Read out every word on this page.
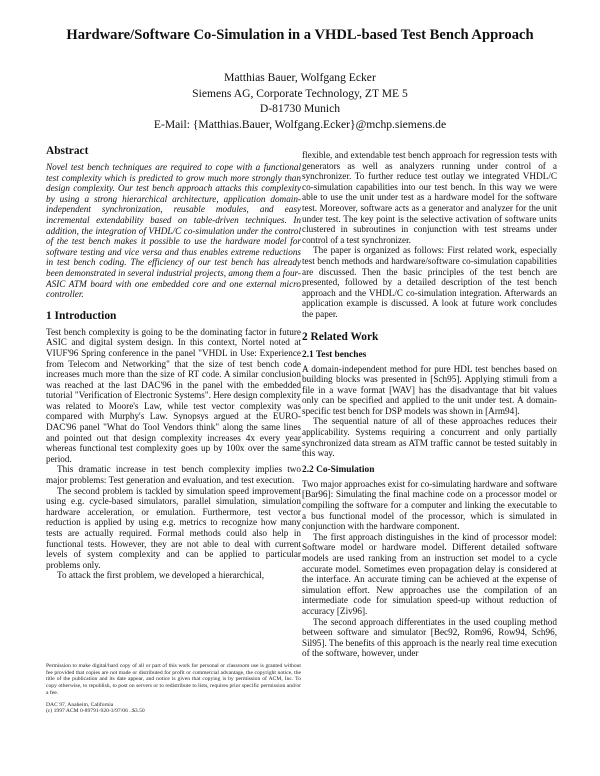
Hardware/Software Co-Simulation in a VHDL-based Test Bench Approach
Matthias Bauer, Wolfgang Ecker
Siemens AG, Corporate Technology, ZT ME 5
D-81730 Munich
E-Mail: {Matthias.Bauer, Wolfgang.Ecker}@mchp.siemens.de
Abstract

Novel test bench techniques are required to cope with a functional test complexity which is predicted to grow much more strongly than design complexity. Our test bench approach attacks this complexity by using a strong hierarchical architecture, application domain-independent synchronization, reusable modules, and easy incremental extendability based on table-driven techniques. In addition, the integration of VHDL/C co-simulation under the control of the test bench makes it possible to use the hardware model for software testing and vice versa and thus enables extreme reductions in test bench coding. The efficiency of our test bench has already been demonstrated in several industrial projects, among them a four-ASIC ATM board with one embedded core and one external micro controller.

1 Introduction

Test bench complexity is going to be the dominating factor in future ASIC and digital system design. In this context, Nortel noted at VIUF'96 Spring conference in the panel "VHDL in Use: Experience from Telecom and Networking" that the size of test bench code increases much more than the size of RT code. A similar conclusion was reached at the last DAC'96 in the panel with the embedded tutorial "Verification of Electronic Systems". Here design complexity was related to Moore's Law, while test vector complexity was compared with Murphy's Law. Synopsys argued at the EURO-DAC'96 panel "What do Tool Vendors think" along the same lines and pointed out that design complexity increases 4x every year whereas functional test complexity goes up by 100x over the same period.

This dramatic increase in test bench complexity implies two major problems: Test generation and evaluation, and test execution.

The second problem is tackled by simulation speed improvement using e.g. cycle-based simulators, parallel simulation, simulation hardware acceleration, or emulation. Furthermore, test vector reduction is applied by using e.g. metrics to recognize how many tests are actually required. Formal methods could also help in functional tests. However, they are not able to deal with current levels of system complexity and can be applied to particular problems only.

To attack the first problem, we developed a hierarchical,

Permission to make digital/hard copy of all or part of this work for personal or classroom use is granted without fee provided that copies are not made or distributed for profit or commercial advantage, the copyright notice, the title of the publication and its date appear, and notice is given that copying is by permission of ACM, Inc. To copy otherwise, to republish, to post on servers or to redistribute to lists, requires prior specific permission and/or a fee.

DAC 97, Anaheim, California

(c) 1997 ACM 0-89791-920-3/97/06 ..$3.50

flexible, and extendable test bench approach for regression tests with generators as well as analyzers running under control of a synchronizer. To further reduce test outlay we integrated VHDL/C co-simulation capabilities into our test bench. In this way we were able to use the unit under test as a hardware model for the software test. Moreover, software acts as a generator and analyzer for the unit under test. The key point is the selective activation of software units clustered in subroutines in conjunction with test streams under control of a test synchronizer.

The paper is organized as follows: First related work, especially test bench methods and hardware/software co-simulation capabilities are discussed. Then the basic principles of the test bench are presented, followed by a detailed description of the test bench approach and the VHDL/C co-simulation integration. Afterwards an application example is discussed. A look at future work concludes the paper.

2 Related Work
2.1 Test benches

A domain-independent method for pure HDL test benches based on building blocks was presented in [Sch95]. Applying stimuli from a file in a wave format [WAV] has the disadvantage that bit values only can be specified and applied to the unit under test. A domain-specific test bench for DSP models was shown in [Arm94].

The sequential nature of all of these approaches reduces their applicability. Systems requiring a concurrent and only partially synchronized data stream as ATM traffic cannot be tested suitably in this way.

2.2 Co-Simulation

Two major approaches exist for co-simulating hardware and software [Bar96]: Simulating the final machine code on a processor model or compiling the software for a computer and linking the executable to a bus functional model of the processor, which is simulated in conjunction with the hardware component.

The first approach distinguishes in the kind of processor model: Software model or hardware model. Different detailed software models are used ranking from an instruction set model to a cycle accurate model. Sometimes even propagation delay is considered at the interface. An accurate timing can be achieved at the expense of simulation effort. New approaches use the compilation of an intermediate code for simulation speed-up without reduction of accuracy [Ziv96].

The second approach differentiates in the used coupling method between software and simulator [Bec92, Rom96, Row94, Sch96, Sil95]. The benefits of this approach is the nearly real time execution of the software, however, under
